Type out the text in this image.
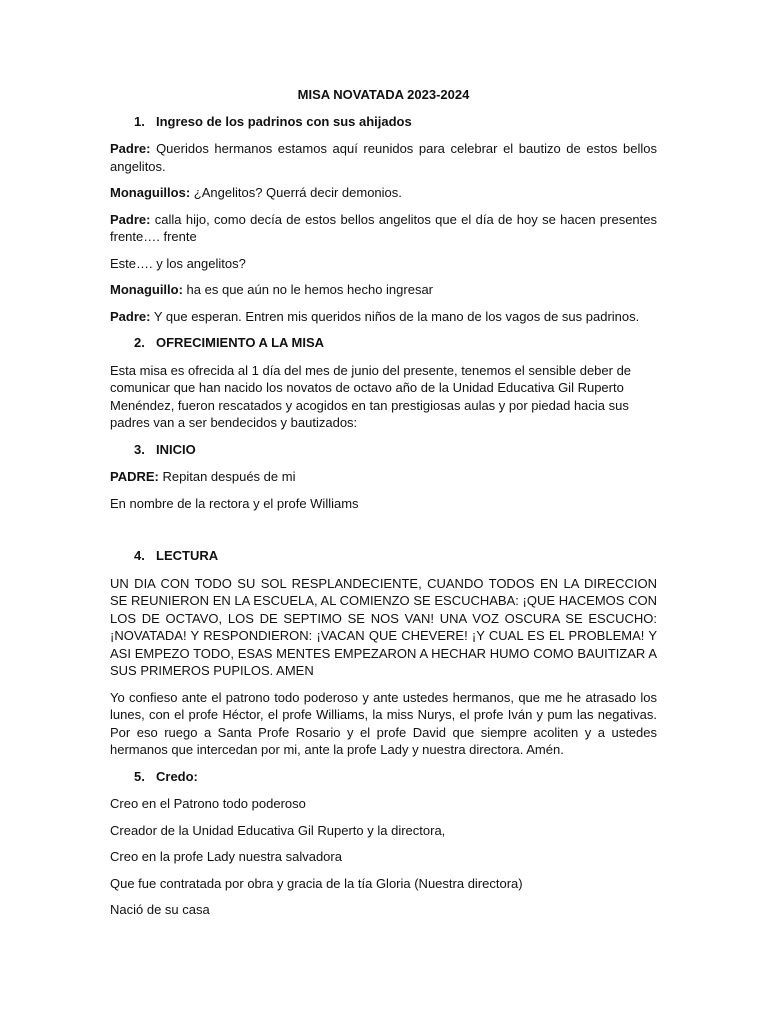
MISA NOVATADA 2023-2024
1. Ingreso de los padrinos con sus ahijados

Padre: Queridos hermanos estamos aquí reunidos para celebrar el bautizo de estos bellos angelitos.

Monaguillos: ¿Angelitos? Querrá decir demonios.

Padre: calla hijo, como decía de estos bellos angelitos que el día de hoy se hacen presentes frente…. frente

Este…. y los angelitos?

Monaguillo: ha es que aún no le hemos hecho ingresar

Padre: Y que esperan. Entren mis queridos niños de la mano de los vagos de sus padrinos.

2. OFRECIMIENTO A LA MISA

Esta misa es ofrecida al 1 día del mes de junio del presente, tenemos el sensible deber de comunicar que han nacido los novatos de octavo año de la Unidad Educativa Gil Ruperto Menéndez, fueron rescatados y acogidos en tan prestigiosas aulas y por piedad hacia sus padres van a ser bendecidos y bautizados:

3. INICIO

PADRE: Repitan después de mi

En nombre de la rectora y el profe Williams

4. LECTURA

UN DIA CON TODO SU SOL RESPLANDECIENTE, CUANDO TODOS EN LA DIRECCION SE REUNIERON EN LA ESCUELA, AL COMIENZO SE ESCUCHABA: ¡QUE HACEMOS CON LOS DE OCTAVO, LOS DE SEPTIMO SE NOS VAN! UNA VOZ OSCURA SE ESCUCHO: ¡NOVATADA! Y RESPONDIERON: ¡VACAN QUE CHEVERE! ¡Y CUAL ES EL PROBLEMA! Y ASI EMPEZO TODO, ESAS MENTES EMPEZARON A HECHAR HUMO COMO BAUITIZAR A SUS PRIMEROS PUPILOS. AMEN

Yo confieso ante el patrono todo poderoso y ante ustedes hermanos, que me he atrasado los lunes, con el profe Héctor, el profe Williams, la miss Nurys, el profe Iván y pum las negativas. Por eso ruego a Santa Profe Rosario y el profe David que siempre acoliten y a ustedes hermanos que intercedan por mi, ante la profe Lady y nuestra directora. Amén.

5. Credo:

Creo en el Patrono todo poderoso

Creador de la Unidad Educativa Gil Ruperto y la directora,

Creo en la profe Lady nuestra salvadora

Que fue contratada por obra y gracia de la tía Gloria (Nuestra directora)

Nació de su casa
